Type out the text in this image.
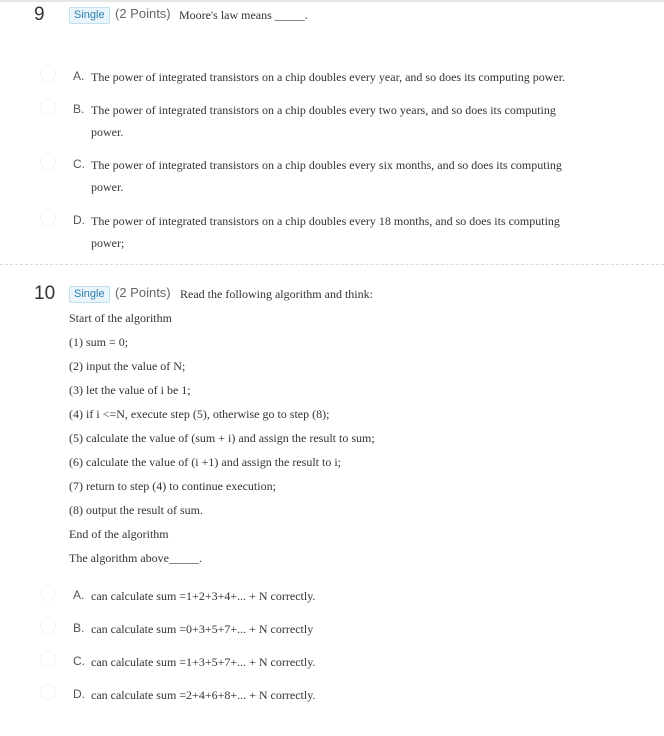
9	Single (2 Points) Moore's law means _____.
A. The power of integrated transistors on a chip doubles every year, and so does its computing power.
B. The power of integrated transistors on a chip doubles every two years, and so does its computing power.
C. The power of integrated transistors on a chip doubles every six months, and so does its computing power.
D. The power of integrated transistors on a chip doubles every 18 months, and so does its computing power;
10	Single (2 Points) Read the following algorithm and think:
Start of the algorithm
(1) sum = 0;
(2) input the value of N;
(3) let the value of i be 1;
(4) if i <=N, execute step (5), otherwise go to step (8);
(5) calculate the value of (sum + i) and assign the result to sum;
(6) calculate the value of (i +1) and assign the result to i;
(7) return to step (4) to continue execution;
(8) output the result of sum.
End of the algorithm
The algorithm above_____.
A. can calculate sum =1+2+3+4+... + N correctly.
B. can calculate sum =0+3+5+7+... + N correctly
C. can calculate sum =1+3+5+7+... + N correctly.
D. can calculate sum =2+4+6+8+... + N correctly.
